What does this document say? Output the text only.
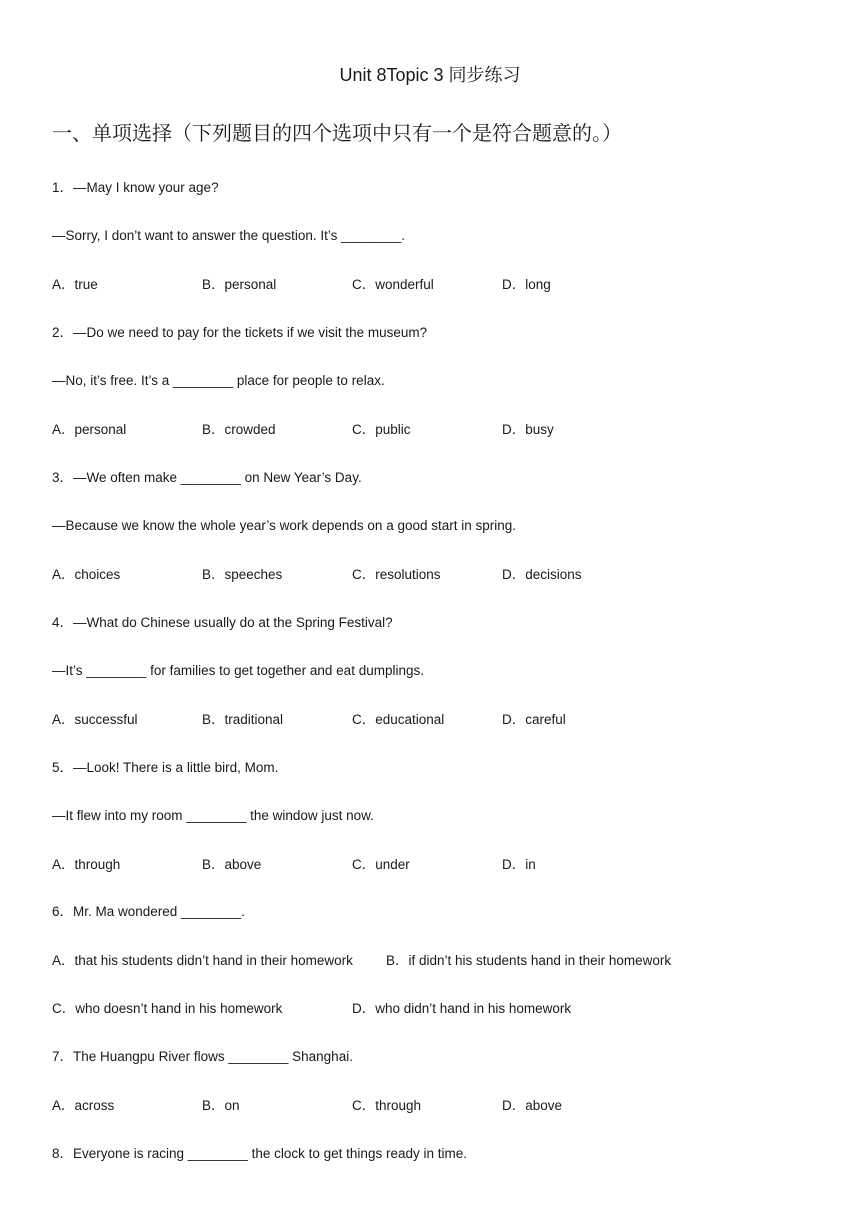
Unit 8Topic 3 同步练习
一、单项选择（下列题目的四个选项中只有一个是符合题意的。）
1．—May I know your age?
—Sorry, I don’t want to answer the question. It’s ________.
A．true	B．personal	C．wonderful	D．long
2．—Do we need to pay for the tickets if we visit the museum?
—No, it’s free. It’s a ________ place for people to relax.
A．personal	B．crowded	C．public	D．busy
3．—We often make ________ on New Year’s Day.
—Because we know the whole year’s work depends on a good start in spring.
A．choices	B．speeches	C．resolutions	D．decisions
4．—What do Chinese usually do at the Spring Festival?
—It’s ________ for families to get together and eat dumplings.
A．successful	B．traditional	C．educational	D．careful
5．—Look! There is a little bird, Mom.
—It flew into my room ________ the window just now.
A．through	B．above	C．under	D．in
6．Mr. Ma wondered ________.
A．that his students didn’t hand in their homework B．if didn’t his students hand in their homework
C．who doesn’t hand in his homework	D．who didn’t hand in his homework
7．The Huangpu River flows ________ Shanghai.
A．across	B．on	C．through	D．above
8．Everyone is racing ________ the clock to get things ready in time.
